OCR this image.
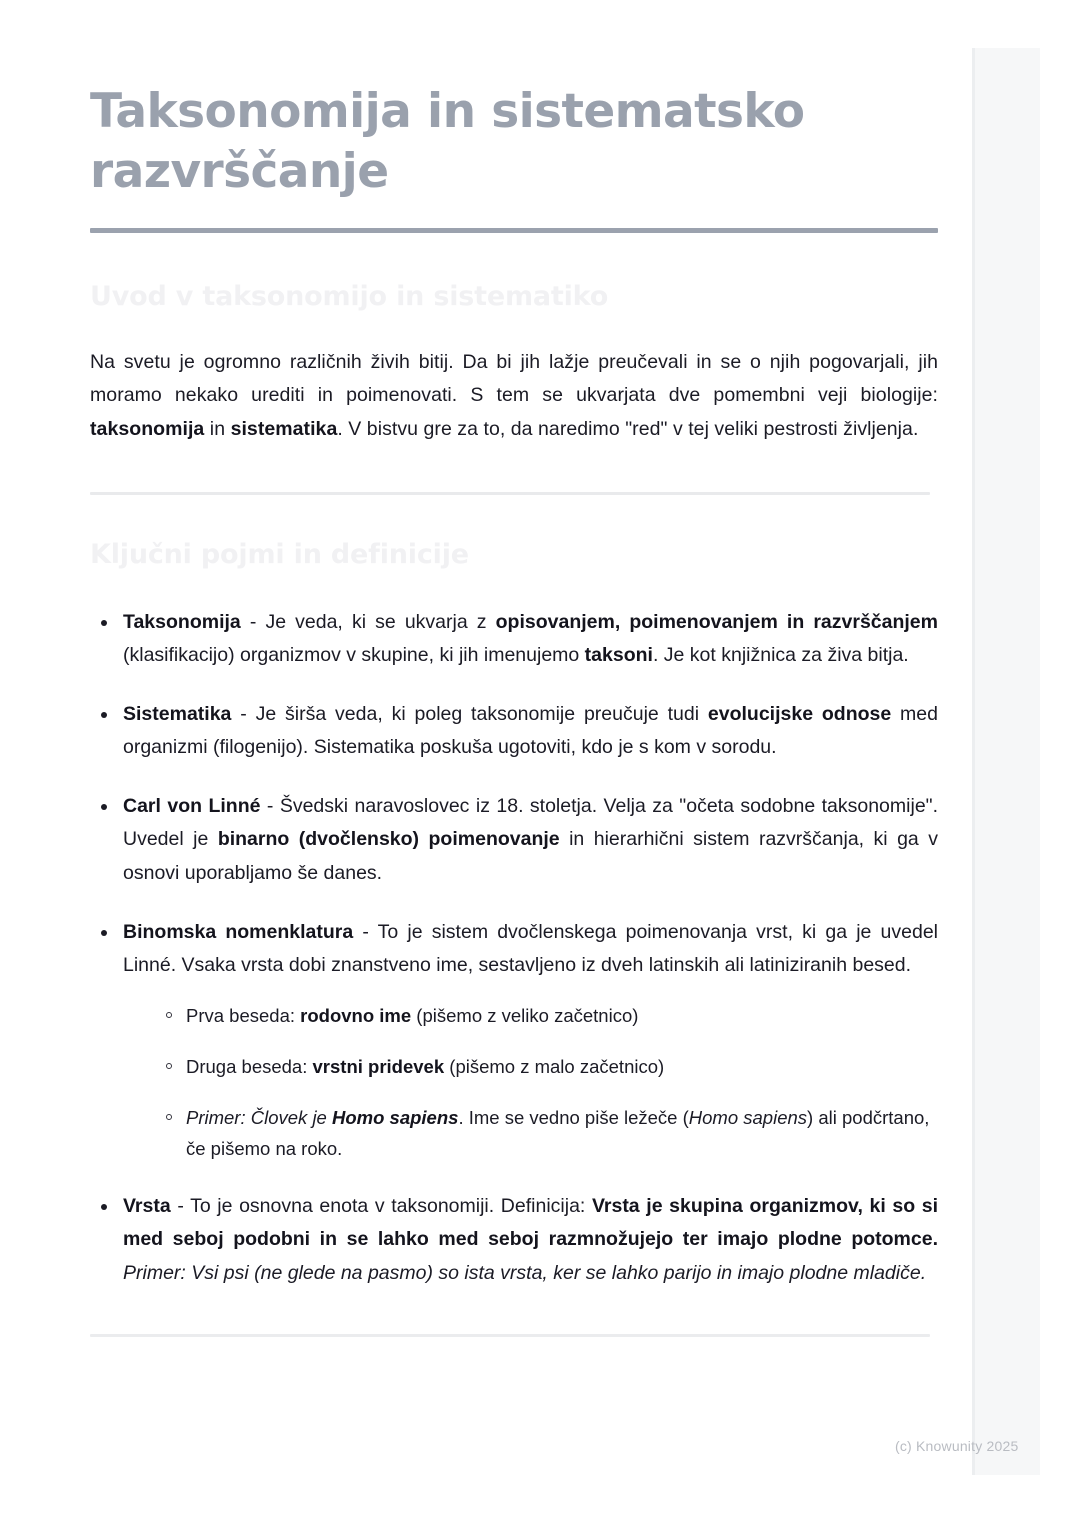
Taksonomija in sistematsko razvrščanje
Uvod v taksonomijo in sistematiko

Na svetu je ogromno različnih živih bitij. Da bi jih lažje preučevali in se o njih pogovarjali, jih moramo nekako urediti in poimenovati. S tem se ukvarjata dve pomembni veji biologije: taksonomija in sistematika. V bistvu gre za to, da naredimo "red" v tej veliki pestrosti življenja.

Ključni pojmi in definicije
Taksonomija - Je veda, ki se ukvarja z opisovanjem, poimenovanjem in razvrščanjem (klasifikacijo) organizmov v skupine, ki jih imenujemo taksoni. Je kot knjižnica za živa bitja.
Sistematika - Je širša veda, ki poleg taksonomije preučuje tudi evolucijske odnose med organizmi (filogenijo). Sistematika poskuša ugotoviti, kdo je s kom v sorodu.
Carl von Linné - Švedski naravoslovec iz 18. stoletja. Velja za "očeta sodobne taksonomije". Uvedel je binarno (dvočlensko) poimenovanje in hierarhični sistem razvrščanja, ki ga v osnovi uporabljamo še danes.
Binomska nomenklatura - To je sistem dvočlenskega poimenovanja vrst, ki ga je uvedel Linné. Vsaka vrsta dobi znanstveno ime, sestavljeno iz dveh latinskih ali latiniziranih besed.
Prva beseda: rodovno ime (pišemo z veliko začetnico)
Druga beseda: vrstni pridevek (pišemo z malo začetnico)
Primer: Človek je Homo sapiens. Ime se vedno piše ležeče (Homo sapiens) ali podčrtano, če pišemo na roko.
Vrsta - To je osnovna enota v taksonomiji. Definicija: Vrsta je skupina organizmov, ki so si med seboj podobni in se lahko med seboj razmnožujejo ter imajo plodne potomce. Primer: Vsi psi (ne glede na pasmo) so ista vrsta, ker se lahko parijo in imajo plodne mladiče.
(c) Knowunity 2025
